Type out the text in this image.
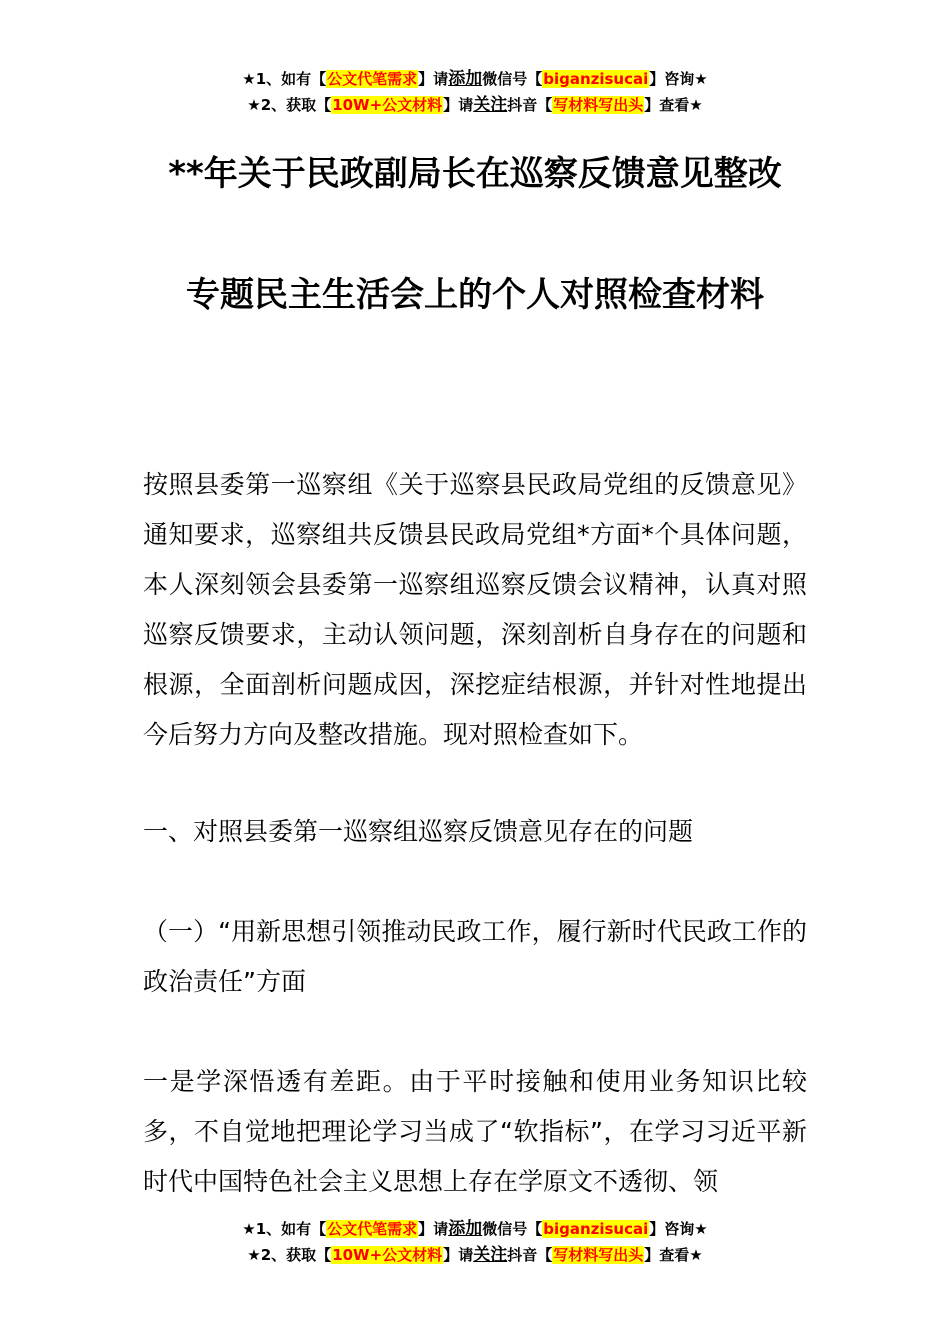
★1、如有【公文代笔需求】请添加微信号【biganzisucai】咨询★
★2、获取【10W+公文材料】请关注抖音【写材料写出头】查看★
**年关于民政副局长在巡察反馈意见整改
专题民主生活会上的个人对照检查材料

按照县委第一巡察组《关于巡察县民政局党组的反馈意见》通知要求，巡察组共反馈县民政局党组*方面*个具体问题，本人深刻领会县委第一巡察组巡察反馈会议精神，认真对照巡察反馈要求，主动认领问题，深刻剖析自身存在的问题和根源，全面剖析问题成因，深挖症结根源，并针对性地提出今后努力方向及整改措施。现对照检查如下。

一、对照县委第一巡察组巡察反馈意见存在的问题

（一）“用新思想引领推动民政工作，履行新时代民政工作的政治责任”方面

一是学深悟透有差距。由于平时接触和使用业务知识比较多，不自觉地把理论学习当成了“软指标”，在学习习近平新时代中国特色社会主义思想上存在学原文不透彻、领

★1、如有【公文代笔需求】请添加微信号【biganzisucai】咨询★
★2、获取【10W+公文材料】请关注抖音【写材料写出头】查看★
